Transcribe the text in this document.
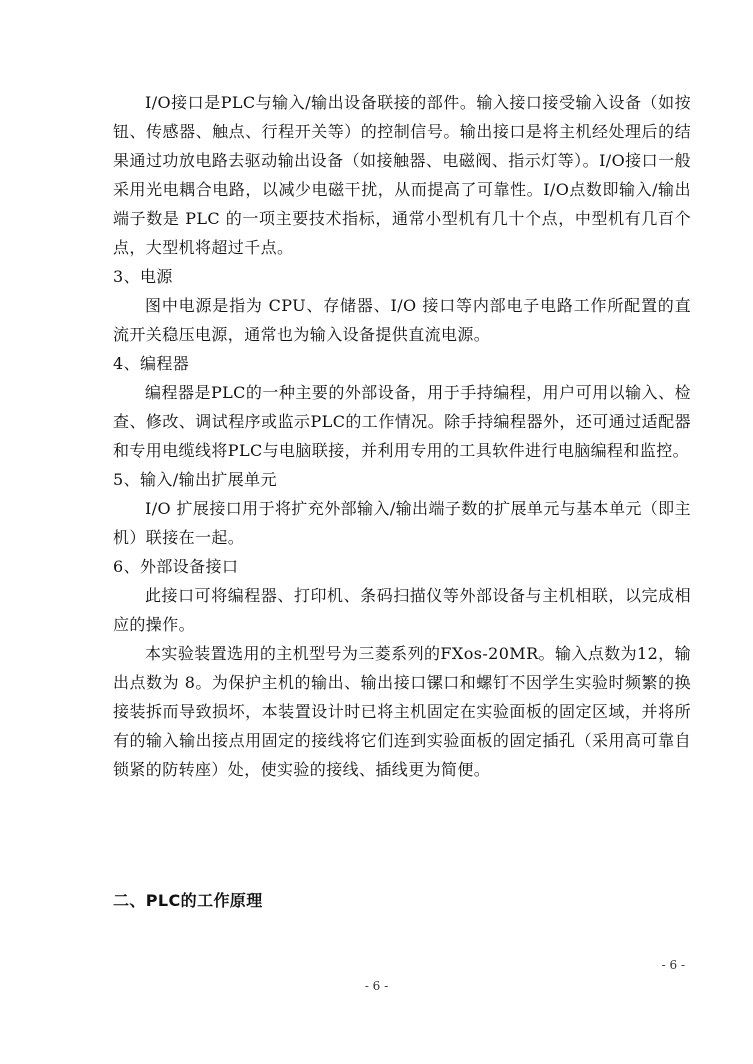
I/O接口是PLC与输入/输出设备联接的部件。输入接口接受输入设备（如按钮、传感器、触点、行程开关等）的控制信号。输出接口是将主机经处理后的结果通过功放电路去驱动输出设备（如接触器、电磁阀、指示灯等）。I/O接口一般采用光电耦合电路，以减少电磁干扰，从而提高了可靠性。I/O点数即输入/输出端子数是 PLC 的一项主要技术指标，通常小型机有几十个点，中型机有几百个点，大型机将超过千点。

3、电源

图中电源是指为 CPU、存储器、I/O 接口等内部电子电路工作所配置的直流开关稳压电源，通常也为输入设备提供直流电源。

4、编程器

编程器是PLC的一种主要的外部设备，用于手持编程，用户可用以输入、检查、修改、调试程序或监示PLC的工作情况。除手持编程器外，还可通过适配器和专用电缆线将PLC与电脑联接，并利用专用的工具软件进行电脑编程和监控。

5、输入/输出扩展单元

I/O 扩展接口用于将扩充外部输入/输出端子数的扩展单元与基本单元（即主机）联接在一起。

6、外部设备接口

此接口可将编程器、打印机、条码扫描仪等外部设备与主机相联，以完成相应的操作。

本实验装置选用的主机型号为三菱系列的FXos-20MR。输入点数为12，输出点数为 8。为保护主机的输出、输出接口镙口和螺钉不因学生实验时频繁的换接装拆而导致损坏，本装置设计时已将主机固定在实验面板的固定区域，并将所有的输入输出接点用固定的接线将它们连到实验面板的固定插孔（采用高可靠自锁紧的防转座）处，使实验的接线、插线更为简便。

二、PLC的工作原理

- 6 -
- 6 -
